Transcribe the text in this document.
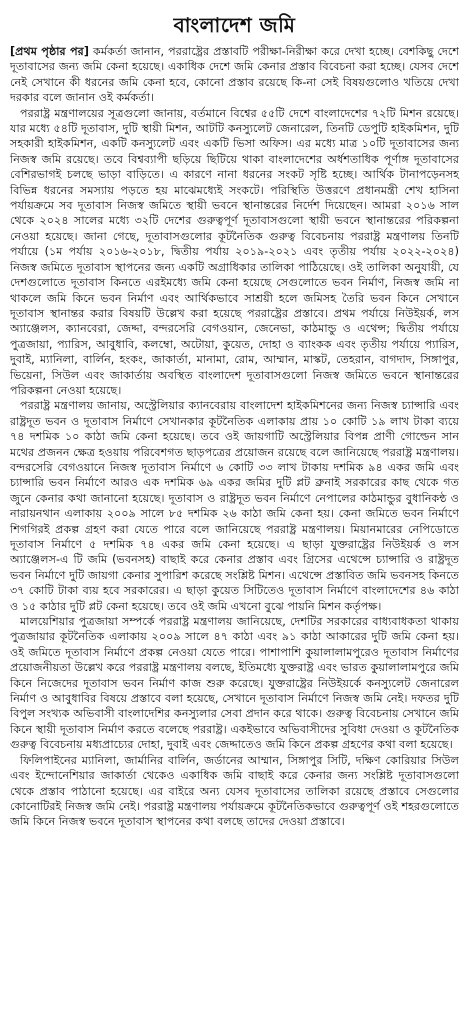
বাংলাদেশ জমি

[প্রথম পৃষ্ঠার পর] কর্মকর্তা জানান, পররাষ্ট্রের প্রস্তাবটি পরীক্ষা-নিরীক্ষা করে দেখা হচ্ছে। বেশকিছু দেশে দূতাবাসের জন্য জমি কেনা হয়েছে। একাধিক দেশে জমি কেনার প্রস্তাব বিবেচনা করা হচ্ছে। যেসব দেশে নেই সেখানে কী ধরনের জমি কেনা হবে, কোনো প্রস্তাব রয়েছে কি-না সেই বিষয়গুলোও খতিয়ে দেখা দরকার বলে জানান ওই কর্মকর্তা।

পররাষ্ট্র মন্ত্রণালয়ের সূত্রগুলো জানায়, বর্তমানে বিশ্বের ৫৫টি দেশে বাংলাদেশের ৭২টি মিশন রয়েছে। যার মধ্যে ৫৪টি দূতাবাস, দুটি স্থায়ী মিশন, আটটি কনস্যুলেট জেনারেল, তিনটি ডেপুটি হাইকমিশন, দুটি সহকারী হাইকমিশন, একটি কনস্যুলেট এবং একটি ভিসা অফিস। এর মধ্যে মাত্র ১০টি দূতাবাসের জন্য নিজস্ব জমি রয়েছে। তবে বিশ্বব্যাপী ছড়িয়ে ছিটিয়ে থাকা বাংলাদেশের অর্ধশতাধিক পূর্ণাঙ্গ দূতাবাসের বেশিরভাগই চলছে ভাড়া বাড়িতে। এ কারণে নানা ধরনের সংকট সৃষ্টি হচ্ছে। আর্থিক টানাপড়েনসহ বিভিন্ন ধরনের সমস্যায় পড়তে হয় মাঝেমধ্যেই সংকটে। পরিস্থিতি উত্তরণে প্রধানমন্ত্রী শেখ হাসিনা পর্যায়ক্রমে সব দূতাবাস নিজস্ব জমিতে স্থায়ী ভবনে স্থানান্তরের নির্দেশ দিয়েছেন। আমরা ২০১৬ সাল থেকে ২০২৪ সালের মধ্যে ৩২টি দেশের গুরুত্বপূর্ণ দূতাবাসগুলো স্থায়ী ভবনে স্থানান্তরের পরিকল্পনা নেওয়া হয়েছে। জানা গেছে, দূতাবাসগুলোর কূটনৈতিক গুরুত্ব বিবেচনায় পররাষ্ট্র মন্ত্রণালয় তিনটি পর্যায়ে (১ম পর্যায় ২০১৬-২০১৮, দ্বিতীয় পর্যায় ২০১৯-২০২১ এবং তৃতীয় পর্যায় ২০২২-২০২৪) নিজস্ব জমিতে দূতাবাস স্থাপনের জন্য একটি অগ্রাধিকার তালিকা পাঠিয়েছে। ওই তালিকা অনুযায়ী, যে দেশগুলোতে দূতাবাস কিনতে এরইমধ্যে জমি কেনা হয়েছে সেগুলোতে ভবন নির্মাণ, নিজস্ব জমি না থাকলে জমি কিনে ভবন নির্মাণ এবং আর্থিকভাবে সাশ্রয়ী হলে জমিসহ তৈরি ভবন কিনে সেখানে দূতাবাস স্থানান্তর করার বিষয়টি উল্লেখ করা হয়েছে পররাষ্ট্রের প্রস্তাবে। প্রথম পর্যায়ে নিউইয়র্ক, লস অ্যাঞ্জেলস, ক্যানবেরা, জেদ্দা, বন্দরসেরি বেগওয়ান, জেনেভা, কাঠমান্ডু ও এথেন্স; দ্বিতীয় পর্যায়ে পুত্রজায়া, প্যারিস, আবুধাবি, কলম্বো, অটোয়া, কুয়েত, দোহা ও ব্যাংকক এবং তৃতীয় পর্যায়ে প্যারিস, দুবাই, ম্যানিলা, বার্লিন, হংকং, জাকার্তা, মানামা, রোম, আম্মান, মাস্কট, তেহরান, বাগদাদ, সিঙ্গাপুর, ভিয়েনা, সিউল এবং জাকার্তায় অবস্থিত বাংলাদেশ দূতাবাসগুলো নিজস্ব জমিতে ভবনে স্থানান্তরের পরিকল্পনা নেওয়া হয়েছে।

পররাষ্ট্র মন্ত্রণালয় জানায়, অস্ট্রেলিয়ার ক্যানবেরায় বাংলাদেশ হাইকমিশনের জন্য নিজস্ব চ্যান্সারি এবং রাষ্ট্রদূত ভবন ও দূতাবাস নির্মাণে সেখানকার কূটনৈতিক এলাকায় প্রায় ১০ কোটি ১৯ লাখ টাকা ব্যয়ে ৭৪ দশমিক ১০ কাঠা জমি কেনা হয়েছে। তবে ওই জায়গাটি অস্ট্রেলিয়ার বিপন্ন প্রাণী গোল্ডেন সান মথের প্রজনন ক্ষেত্র হওয়ায় পরিবেশগত ছাড়পত্রের প্রয়োজন রয়েছে বলে জানিয়েছে পররাষ্ট্র মন্ত্রণালয়। বন্দরসেরি বেগওয়ানে নিজস্ব দূতাবাস নির্মাণে ৬ কোটি ৩৩ লাখ টাকায় দশমিক ৯৪ একর জমি এবং চ্যান্সারি ভবন নির্মাণে আরও এক দশমিক ৬৯ একর জমির দুটি প্লট ব্রুনাই সরকারের কাছ থেকে গত জুনে কেনার কথা জানানো হয়েছে। দূতাবাস ও রাষ্ট্রদূত ভবন নির্মাণে নেপালের কাঠমান্ডুর বুধানিকন্ঠ ও নারায়নথান এলাকায় ২০০৯ সালে ৮৫ দশমিক ২৬ কাঠা জমি কেনা হয়। কেনা জমিতে ভবন নির্মাণে শিগগিরই প্রকল্প গ্রহণ করা যেতে পারে বলে জানিয়েছে পররাষ্ট্র মন্ত্রণালয়। মিয়ানমারের নেপিডোতে দূতাবাস নির্মাণে ৫ দশমিক ৭৪ একর জমি কেনা হয়েছে। এ ছাড়া যুক্তরাষ্ট্রের নিউইয়র্ক ও লস অ্যাঞ্জেলস-এ টি জমি (ভবনসহ) বাছাই করে কেনার প্রস্তাব এবং গ্রিসের এথেন্সে চ্যান্সারি ও রাষ্ট্রদূত ভবন নির্মাণে দুটি জায়গা কেনার সুপারিশ করেছে সংশ্লিষ্ট মিশন। এথেন্সে প্রস্তাবিত জমি ভবনসহ কিনতে ৩৭ কোটি টাকা ব্যয় হবে সরকারের। এ ছাড়া কুয়েত সিটিতেও দূতাবাস নির্মাণে বাংলাদেশের ৪৬ কাঠা ও ১৫ কাঠার দুটি প্লট কেনা হয়েছে। তবে ওই জমি এখনো বুঝে পায়নি মিশন কর্তৃপক্ষ।

মালয়েশিয়ার পুত্রজায়া সম্পর্কে পররাষ্ট্র মন্ত্রণালয় জানিয়েছে, দেশটির সরকারের বাধ্যবাধকতা থাকায় পুত্রজায়ার কূটনৈতিক এলাকায় ২০০৯ সালে ৪৭ কাঠা এবং ৯১ কাঠা আকারের দুটি জমি কেনা হয়। ওই জমিতে দূতাবাস নির্মাণে প্রকল্প নেওয়া যেতে পারে। পাশাপাশি কুয়ালালামপুরেও দূতাবাস নির্মাণের প্রয়োজনীয়তা উল্লেখ করে পররাষ্ট্র মন্ত্রণালয় বলছে, ইতিমধ্যে যুক্তরাষ্ট্র এবং ভারত কুয়ালালামপুরে জমি কিনে নিজেদের দূতাবাস ভবন নির্মাণ কাজ শুরু করেছে। যুক্তরাষ্ট্রের নিউইয়র্কে কনস্যুলেট জেনারেল নির্মাণ ও আবুধাবির বিষয়ে প্রস্তাবে বলা হয়েছে, সেখানে দূতাবাস নির্মাণে নিজস্ব জমি নেই। দফতর দুটি বিপুল সংখ্যক অভিবাসী বাংলাদেশির কনস্যুলার সেবা প্রদান করে থাকে। গুরুত্ব বিবেচনায় সেখানে জমি কিনে স্থায়ী দূতাবাস নির্মাণ করতে বলেছে পররাষ্ট্র। একইভাবে অভিবাসীদের সুবিধা দেওয়া ও কূটনৈতিক গুরুত্ব বিবেচনায় মধ্যপ্রাচ্যের দোহা, দুবাই এবং জেদ্দাতেও জমি কিনে প্রকল্প গ্রহণের কথা বলা হয়েছে।

ফিলিপাইনের ম্যানিলা, জার্মানির বার্লিন, জর্ডানের আম্মান, সিঙ্গাপুর সিটি, দক্ষিণ কোরিয়ার সিউল এবং ইন্দোনেশিয়ার জাকার্তা থেকেও একাধিক জমি বাছাই করে কেনার জন্য সংশ্লিষ্ট দূতাবাসগুলো থেকে প্রস্তাব পাঠানো হয়েছে। এর বাইরে অন্য যেসব দূতাবাসের তালিকা রয়েছে প্রস্তাবে সেগুলোর কোনোটিরই নিজস্ব জমি নেই। পররাষ্ট্র মন্ত্রণালয় পর্যায়ক্রমে কূটনৈতিকভাবে গুরুত্বপূর্ণ ওই শহরগুলোতে জমি কিনে নিজস্ব ভবনে দূতাবাস স্থাপনের কথা বলছে তাদের দেওয়া প্রস্তাবে।
